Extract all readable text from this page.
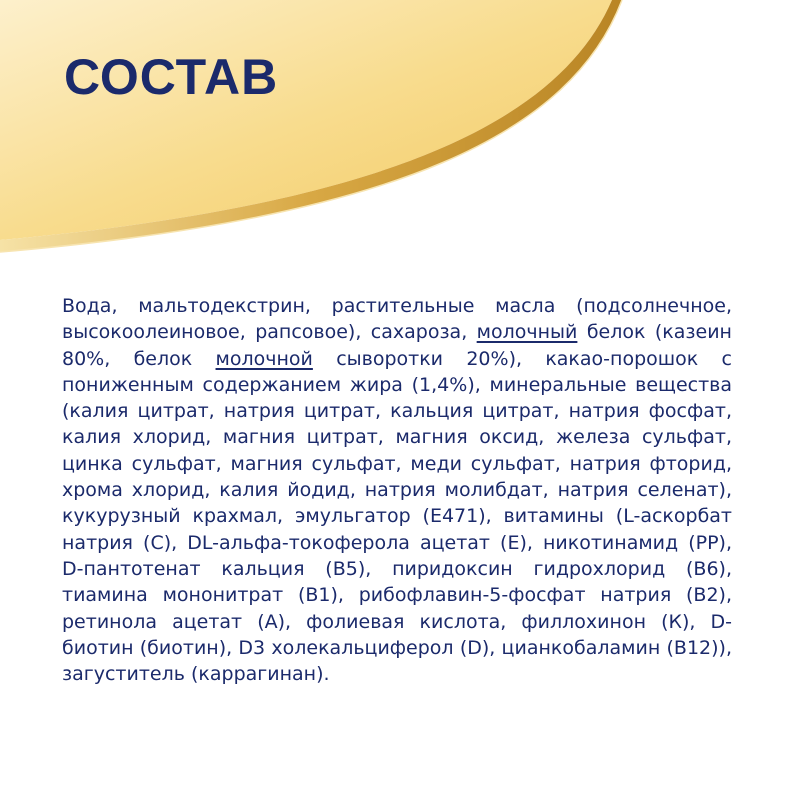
СОСТАВ

Вода, мальтодекстрин, растительные масла (подсолнечное, высокоолеиновое, рапсовое), сахароза, молочный белок (казеин 80%, белок молочной сыворотки 20%), какао-порошок с пониженным содержанием жира (1,4%), минеральные вещества (калия цитрат, натрия цитрат, кальция цитрат, натрия фосфат, калия хлорид, магния цитрат, магния оксид, железа сульфат, цинка сульфат, магния сульфат, меди сульфат, натрия фторид, хрома хлорид, калия йодид, натрия молибдат, натрия селенат), кукурузный крахмал, эмульгатор (Е471), витамины (L-аскорбат натрия (С), DL-альфа-токоферола ацетат (Е), никотинамид (РР), D-пантотенат кальция (В5), пиридоксин гидрохлорид (В6), тиамина мононитрат (В1), рибофлавин-5-фосфат натрия (В2), ретинола ацетат (А), фолиевая кислота, филлохинон (К), D-биотин (биотин), D3 холекальциферол (D), цианкобаламин (В12)), загуститель (каррагинан).
